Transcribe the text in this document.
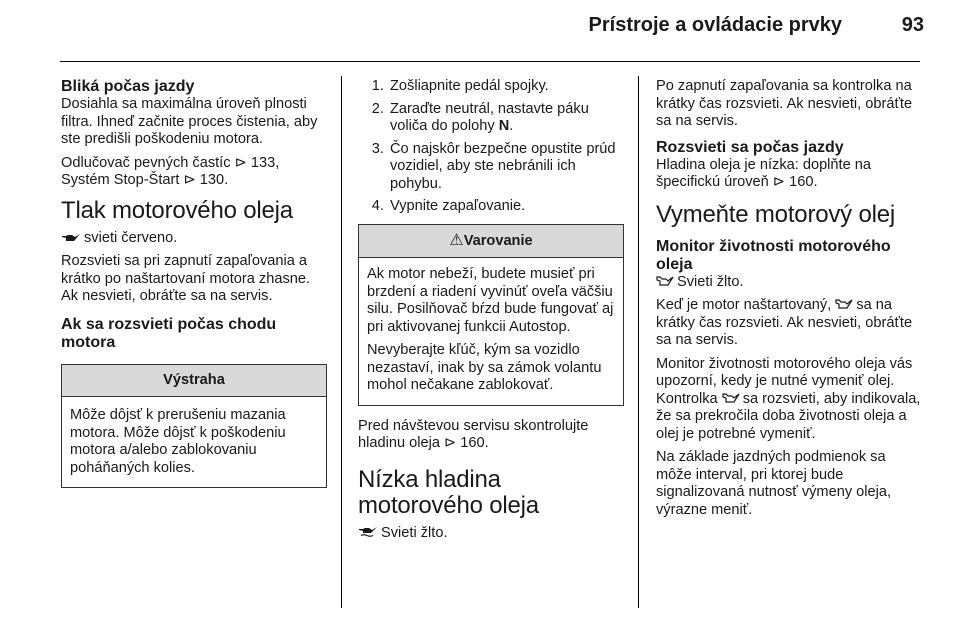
Prístroje a ovládacie prvky	93
Bliká počas jazdy

Dosiahla sa maximálna úroveň plnosti filtra. Ihneď začnite proces čistenia, aby ste predišli poškodeniu motora.

Odlučovač pevných častíc ⊳ 133, Systém Stop-Štart ⊳ 130.

Tlak motorového oleja

svieti červeno.

Rozsvieti sa pri zapnutí zapaľovania a krátko po naštartovaní motora zhasne. Ak nesvieti, obráťte sa na servis.

Ak sa rozsvieti počas chodu motora
Výstraha

Môže dôjsť k prerušeniu mazania motora. Môže dôjsť k poškodeniu motora a/alebo zablokovaniu poháňaných kolies.

1. Zošliapnite pedál spojky.
2. Zaraďte neutrál, nastavte páku voliča do polohy N.
3. Čo najskôr bezpečne opustite prúd vozidiel, aby ste nebránili ich pohybu.
4. Vypnite zapaľovanie.
⚠Varovanie

Ak motor nebeží, budete musieť pri brzdení a riadení vyvinúť oveľa väčšiu silu. Posilňovač bŕzd bude fungovať aj pri aktivovanej funkcii Autostop.

Nevyberajte kľúč, kým sa vozidlo nezastaví, inak by sa zámok volantu mohol nečakane zablokovať.

Pred návštevou servisu skontrolujte hladinu oleja ⊳ 160.

Nízka hladina motorového oleja

Svieti žlto.

Po zapnutí zapaľovania sa kontrolka na krátky čas rozsvieti. Ak nesvieti, obráťte sa na servis.

Rozsvieti sa počas jazdy

Hladina oleja je nízka: doplňte na špecifickú úroveň ⊳ 160.

Vymeňte motorový olej
Monitor životnosti motorového oleja

Svieti žlto.

Keď je motor naštartovaný, sa na krátky čas rozsvieti. Ak nesvieti, obráťte sa na servis.

Monitor životnosti motorového oleja vás upozorní, kedy je nutné vymeniť olej. Kontrolka sa rozsvieti, aby indikovala, že sa prekročila doba životnosti oleja a olej je potrebné vymeniť.

Na základe jazdných podmienok sa môže interval, pri ktorej bude signalizovaná nutnosť výmeny oleja, výrazne meniť.
